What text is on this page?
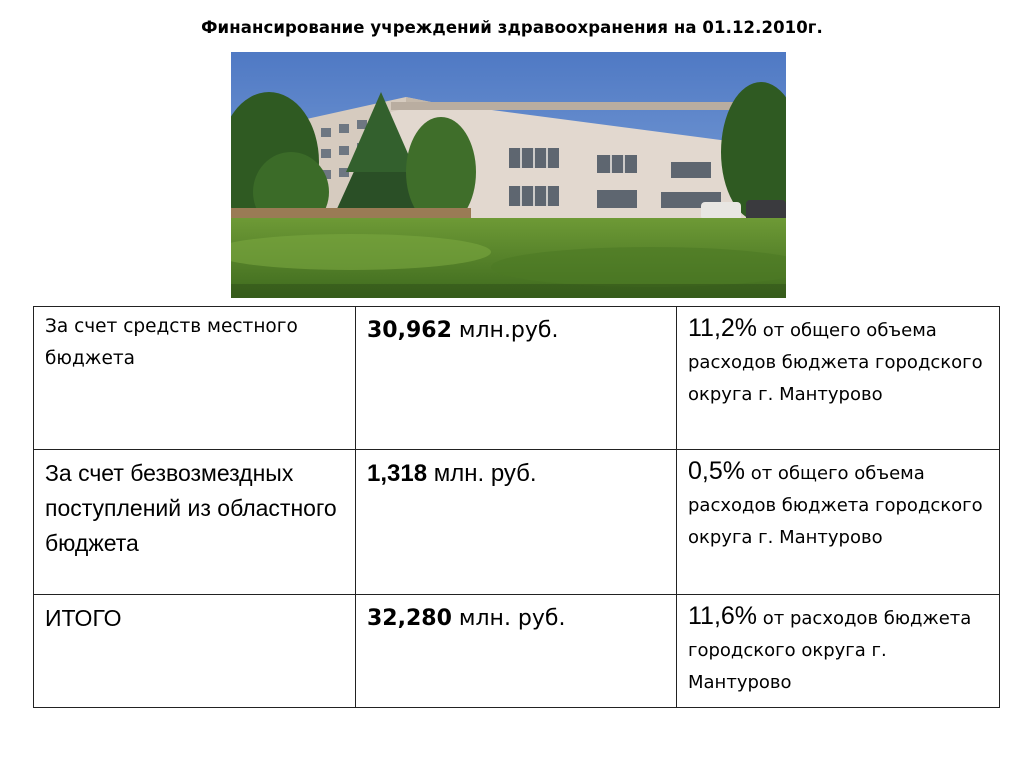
Финансирование учреждений здравоохранения на 01.12.2010г.
За счет средств местного бюджета	30,962 млн.руб.	11,2% от общего объема расходов бюджета городского округа г. Мантурово

За счет безвозмездных поступлений из областного бюджета	1,318 млн. руб.	0,5% от общего объема расходов бюджета городского округа г. Мантурово

ИТОГО	32,280 млн. руб.	11,6% от расходов бюджета городского округа г. Мантурово
